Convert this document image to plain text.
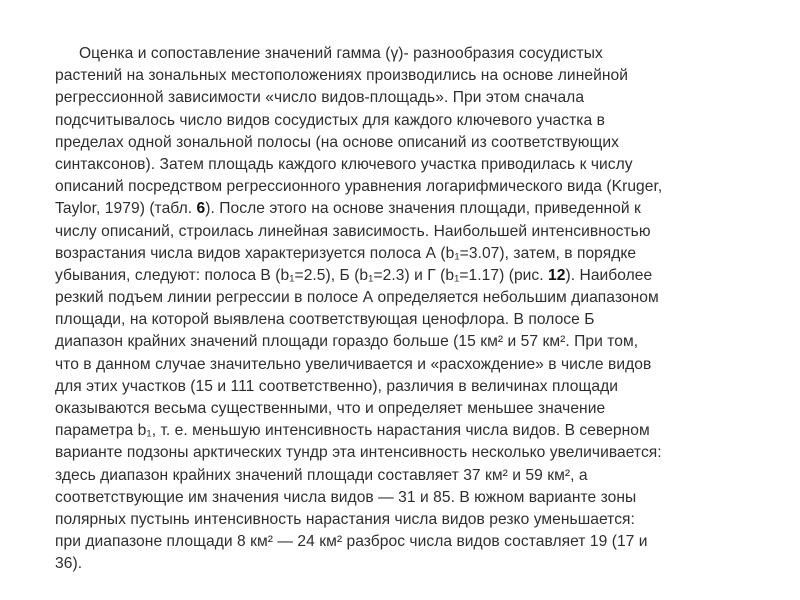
Оценка и сопоставление значений гамма (γ)- разнообразия сосудистых
растений на зональных местоположениях производились на основе линейной
регрессионной зависимости «число видов-площадь». При этом сначала
подсчитывалось число видов сосудистых для каждого ключевого участка в
пределах одной зональной полосы (на основе описаний из соответствующих
синтаксонов). Затем площадь каждого ключевого участка приводилась к числу
описаний посредством регрессионного уравнения логарифмического вида (Kruger,
Taylor, 1979) (табл. 6). После этого на основе значения площади, приведенной к
числу описаний, строилась линейная зависимость. Наибольшей интенсивностью
возрастания числа видов характеризуется полоса А (b₁=3.07), затем, в порядке
убывания, следуют: полоса В (b₁=2.5), Б (b₁=2.3) и Г (b₁=1.17) (рис. 12). Наиболее
резкий подъем линии регрессии в полосе А определяется небольшим диапазоном
площади, на которой выявлена соответствующая ценофлора. В полосе Б
диапазон крайних значений площади гораздо больше (15 км² и 57 км². При том,
что в данном случае значительно увеличивается и «расхождение» в числе видов
для этих участков (15 и 111 соответственно), различия в величинах площади
оказываются весьма существенными, что и определяет меньшее значение
параметра b₁, т. е. меньшую интенсивность нарастания числа видов. В северном
варианте подзоны арктических тундр эта интенсивность несколько увеличивается:
здесь диапазон крайних значений площади составляет 37 км² и 59 км², а
соответствующие им значения числа видов — 31 и 85. В южном варианте зоны
полярных пустынь интенсивность нарастания числа видов резко уменьшается:
при диапазоне площади 8 км² — 24 км² разброс числа видов составляет 19 (17 и
36).
